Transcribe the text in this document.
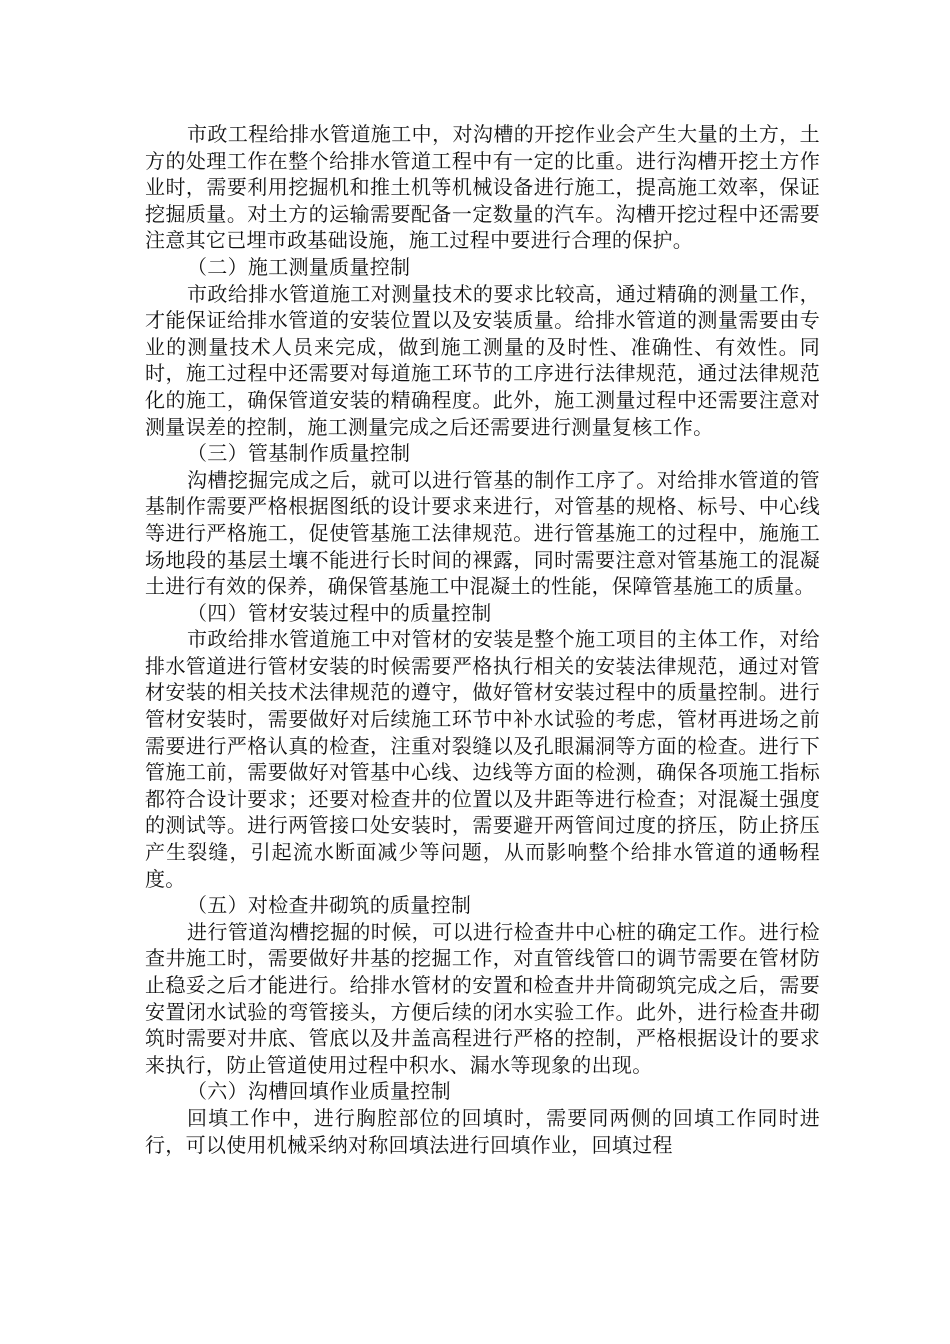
市政工程给排水管道施工中，对沟槽的开挖作业会产生大量的土方，土方的处理工作在整个给排水管道工程中有一定的比重。进行沟槽开挖土方作业时，需要利用挖掘机和推土机等机械设备进行施工，提高施工效率，保证挖掘质量。对土方的运输需要配备一定数量的汽车。沟槽开挖过程中还需要注意其它已埋市政基础设施，施工过程中要进行合理的保护。

（二）施工测量质量控制

市政给排水管道施工对测量技术的要求比较高，通过精确的测量工作，才能保证给排水管道的安装位置以及安装质量。给排水管道的测量需要由专业的测量技术人员来完成，做到施工测量的及时性、准确性、有效性。同时，施工过程中还需要对每道施工环节的工序进行法律规范，通过法律规范化的施工，确保管道安装的精确程度。此外，施工测量过程中还需要注意对测量误差的控制，施工测量完成之后还需要进行测量复核工作。

（三）管基制作质量控制

沟槽挖掘完成之后，就可以进行管基的制作工序了。对给排水管道的管基制作需要严格根据图纸的设计要求来进行，对管基的规格、标号、中心线等进行严格施工，促使管基施工法律规范。进行管基施工的过程中，施施工场地段的基层土壤不能进行长时间的裸露，同时需要注意对管基施工的混凝土进行有效的保养，确保管基施工中混凝土的性能，保障管基施工的质量。

（四）管材安装过程中的质量控制

市政给排水管道施工中对管材的安装是整个施工项目的主体工作，对给排水管道进行管材安装的时候需要严格执行相关的安装法律规范，通过对管材安装的相关技术法律规范的遵守，做好管材安装过程中的质量控制。进行管材安装时，需要做好对后续施工环节中补水试验的考虑，管材再进场之前需要进行严格认真的检查，注重对裂缝以及孔眼漏洞等方面的检查。进行下管施工前，需要做好对管基中心线、边线等方面的检测，确保各项施工指标都符合设计要求；还要对检查井的位置以及井距等进行检查；对混凝土强度的测试等。进行两管接口处安装时，需要避开两管间过度的挤压，防止挤压产生裂缝，引起流水断面减少等问题，从而影响整个给排水管道的通畅程度。

（五）对检查井砌筑的质量控制

进行管道沟槽挖掘的时候，可以进行检查井中心桩的确定工作。进行检查井施工时，需要做好井基的挖掘工作，对直管线管口的调节需要在管材防止稳妥之后才能进行。给排水管材的安置和检查井井筒砌筑完成之后，需要安置闭水试验的弯管接头，方便后续的闭水实验工作。此外，进行检查井砌筑时需要对井底、管底以及井盖高程进行严格的控制，严格根据设计的要求来执行，防止管道使用过程中积水、漏水等现象的出现。

（六）沟槽回填作业质量控制

回填工作中，进行胸腔部位的回填时，需要同两侧的回填工作同时进行，可以使用机械采纳对称回填法进行回填作业，回填过程
